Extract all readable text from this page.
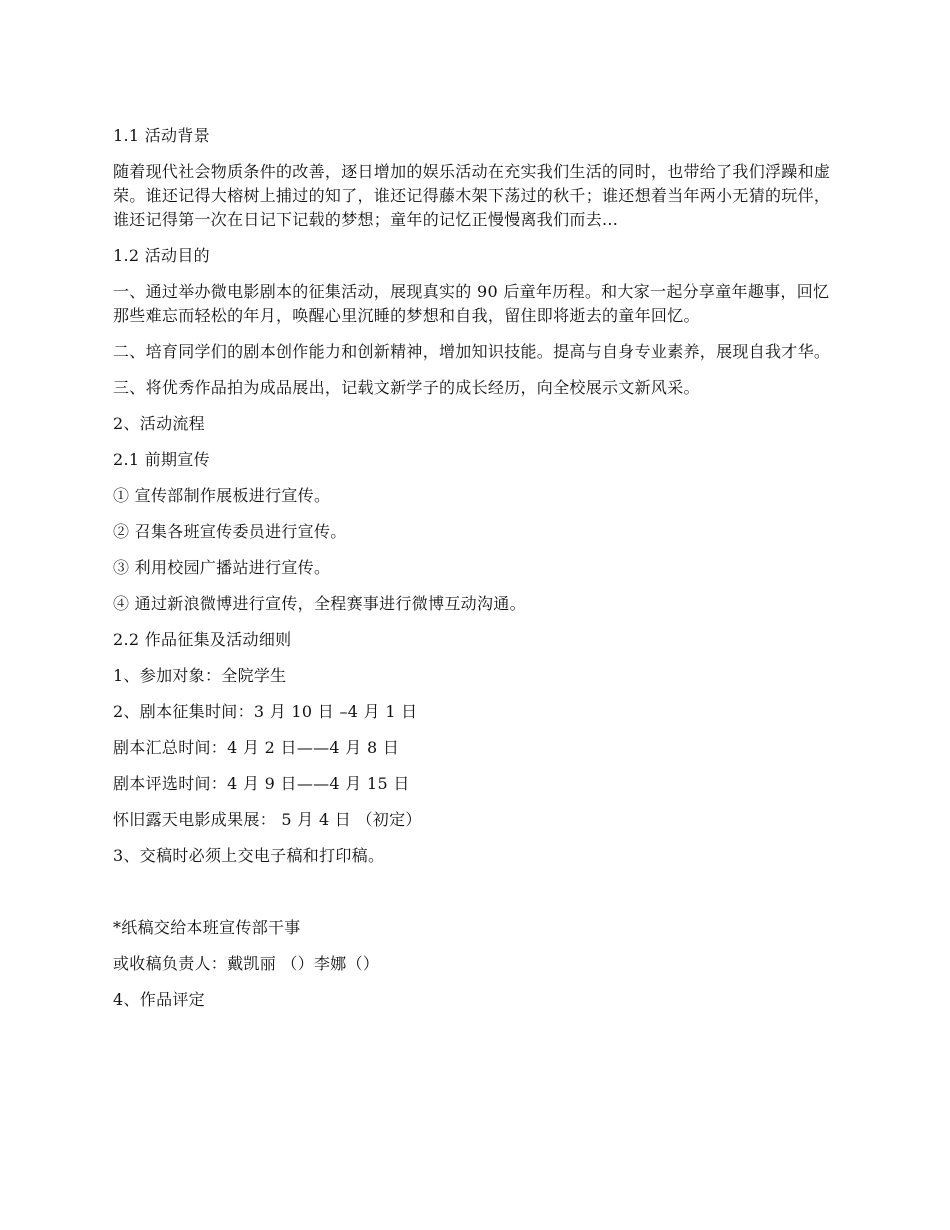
1.1 活动背景

随着现代社会物质条件的改善，逐日增加的娱乐活动在充实我们生活的同时，也带给了我们浮躁和虚荣。谁还记得大榕树上捕过的知了，谁还记得藤木架下荡过的秋千；谁还想着当年两小无猜的玩伴，谁还记得第一次在日记下记载的梦想；童年的记忆正慢慢离我们而去...

1.2 活动目的

一、通过举办微电影剧本的征集活动，展现真实的 90 后童年历程。和大家一起分享童年趣事，回忆那些难忘而轻松的年月，唤醒心里沉睡的梦想和自我，留住即将逝去的童年回忆。

二、培育同学们的剧本创作能力和创新精神，增加知识技能。提高与自身专业素养，展现自我才华。

三、将优秀作品拍为成品展出，记载文新学子的成长经历，向全校展示文新风采。

2、活动流程

2.1 前期宣传

① 宣传部制作展板进行宣传。

② 召集各班宣传委员进行宣传。

③ 利用校园广播站进行宣传。

④ 通过新浪微博进行宣传，全程赛事进行微博互动沟通。

2.2 作品征集及活动细则

1、参加对象：全院学生

2、剧本征集时间：3 月 10 日 –4 月 1 日

剧本汇总时间：4 月 2 日——4 月 8 日

剧本评选时间：4 月 9 日——4 月 15 日

怀旧露天电影成果展： 5 月 4 日 （初定）

3、交稿时必须上交电子稿和打印稿。

*纸稿交给本班宣传部干事

或收稿负责人：戴凯丽 （）李娜（）

4、作品评定
